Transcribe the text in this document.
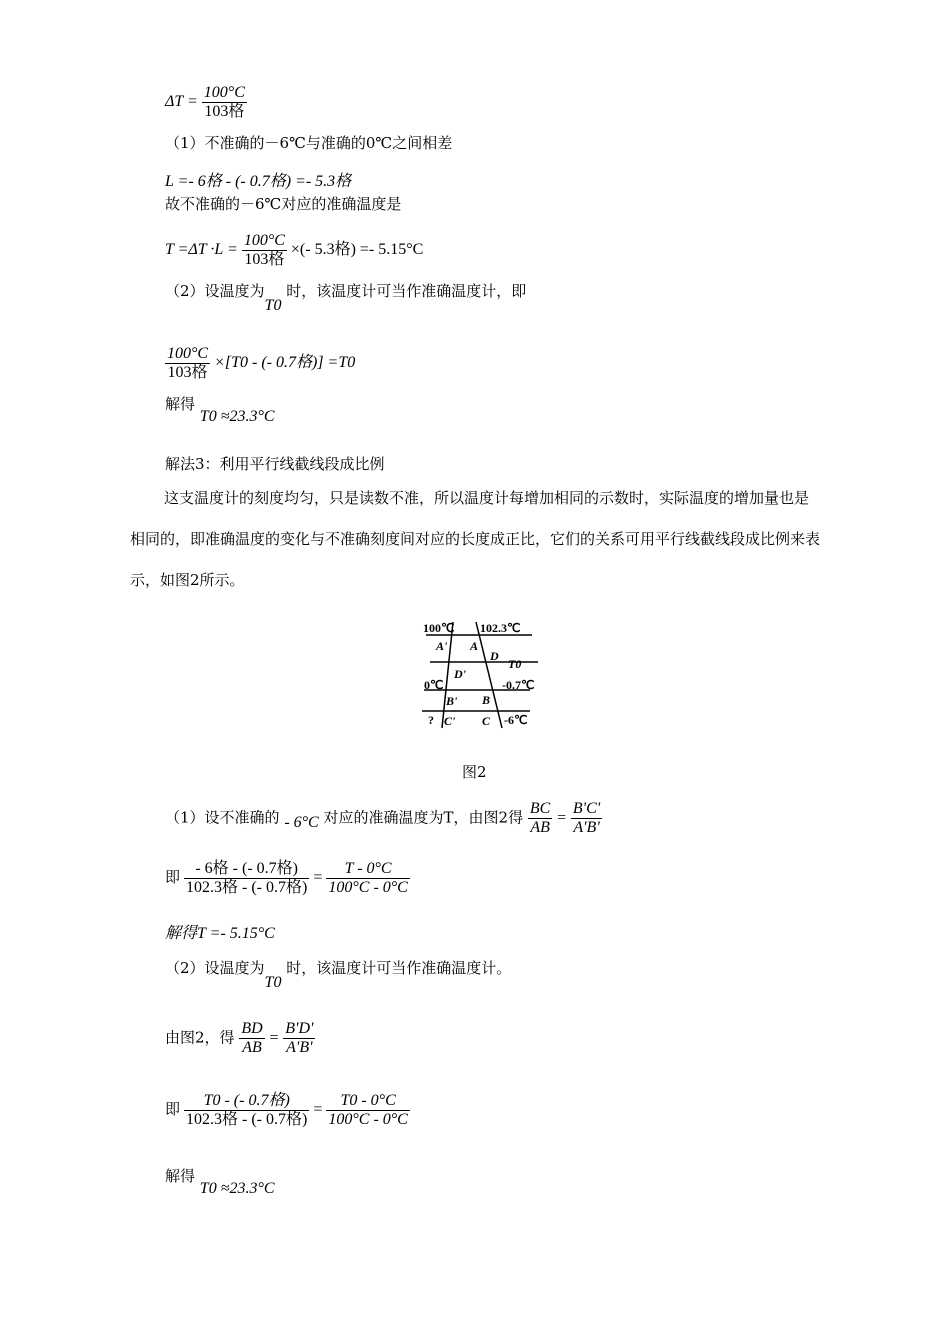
$\Delta T = \frac{100^\circ C}{\text{103格}}$
（1）不准确的－6℃与准确的0℃之间相差
L =- 6格 - (- 0.7格) =- 5.3格
故不准确的－6℃对应的准确温度是
$T =\Delta T \cdot L = \frac{100^\circ C}{\text{103格}}$ ×(- 5.3格) =- 5.15°C
（2）设温度为T0 时，该温度计可当作准确温度计，即
$\frac{100^\circ C}{\text{103格}} \times[T0$ - (- 0.7格)] =T0
解得 T0 ≈23.3°C
解法3：利用平行线截线段成比例
这支温度计的刻度均匀，只是读数不准，所以温度计每增加相同的示数时，实际温度的增加量也是相同的，即准确温度的变化与不准确刻度间对应的长度成正比，它们的关系可用平行线截线段成比例来表示，如图2所示。
100℃ 102.3℃
A' A
D
T0
D'
0℃	-0.7℃
B' B
? C' C -6℃
图2
（1）设不准确的 - 6°C 对应的准确温度为T，由图2得 $\frac{BC}{AB} = \frac{B'C'}{A'B'}$
即 $\frac{\text{- 6格 - (- 0.7格)}}{\text{102.3格 - (- 0.7格)}} = \frac{T - 0^\circ C}{100^\circ C - 0^\circ C}$
解得T =- 5.15°C
（2）设温度为T0 时，该温度计可当作准确温度计。
由图2，得 $\frac{BD}{AB} = \frac{B'D'}{A'B'}$
即 $\frac{\text{T0 - (- 0.7格)}}{\text{102.3格 - (- 0.7格)}} = \frac{T0 - 0^\circ C}{100^\circ C - 0^\circ C}$
解得 T0 ≈23.3°C
